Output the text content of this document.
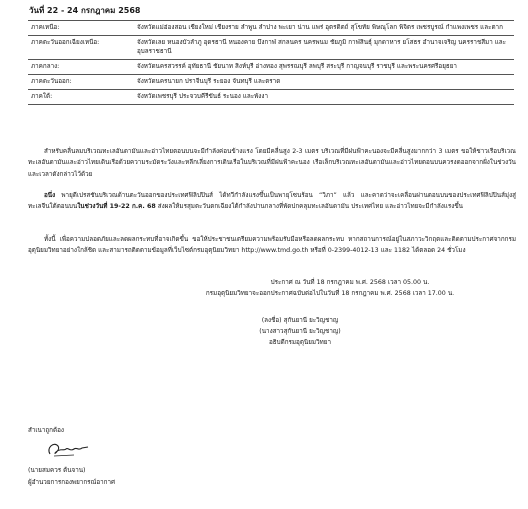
วันที่ 22 - 24 กรกฎาคม 2568
ภาคเหนือ:	จังหวัดแม่ฮ่องสอน เชียงใหม่ เชียงราย ลำพูน ลำปาง พะเยา น่าน แพร่ อุตรดิตถ์ สุโขทัย พิษณุโลก พิจิตร เพชรบูรณ์ กำแพงเพชร และตาก
ภาคตะวันออกเฉียงเหนือ:	จังหวัดเลย หนองบัวลำภู อุดรธานี หนองคาย บึงกาฬ สกลนคร นครพนม ชัยภูมิ กาฬสินธุ์ มุกดาหาร ยโสธร อำนาจเจริญ นครราชสีมา และอุบลราชธานี
ภาคกลาง:	จังหวัดนครสวรรค์ อุทัยธานี ชัยนาท สิงห์บุรี อ่างทอง สุพรรณบุรี ลพบุรี สระบุรี กาญจนบุรี ราชบุรี และพระนครศรีอยุธยา
ภาคตะวันออก:	จังหวัดนครนายก ปราจีนบุรี ระยอง จันทบุรี และตราด
ภาคใต้:	จังหวัดเพชรบุรี ประจวบคีรีขันธ์ ระนอง และพังงา
สำหรับคลื่นลมบริเวณทะเลอันดามันและอ่าวไทยตอนบนจะมีกำลังค่อนข้างแรง โดยมีคลื่นสูง 2-3 เมตร บริเวณที่มีฝนฟ้าคะนองจะมีคลื่นสูงมากกว่า 3 เมตร ขอให้ชาวเรือบริเวณทะเลอันดามันและอ่าวไทยเดินเรือด้วยความระมัดระวังและหลีกเลี่ยงการเดินเรือในบริเวณที่มีฝนฟ้าคะนอง เรือเล็กบริเวณทะเลอันดามันและอ่าวไทยตอนบนควรงดออกจากฝั่งในช่วงวันและเวลาดังกล่าวไว้ด้วย
อนึ่ง พายุดีเปรสชันบริเวณด้านตะวันออกของประเทศฟิลิปปินส์ ได้ทวีกำลังแรงขึ้นเป็นพายุโซนร้อน “วิภา” แล้ว และคาดว่าจะเคลื่อนผ่านตอนบนของประเทศฟิลิปปินส์มุ่งสู่ทะเลจีนใต้ตอนบนในช่วงวันที่ 19-22 ก.ค. 68 ส่งผลให้มรสุมตะวันตกเฉียงใต้กำลังปานกลางที่พัดปกคลุมทะเลอันดามัน ประเทศไทย และอ่าวไทยจะมีกำลังแรงขึ้น
ทั้งนี้ เพื่อความปลอดภัยและลดผลกระทบที่อาจเกิดขึ้น ขอให้ประชาชนเตรียมความพร้อมรับมือหรือลดผลกระทบ หากสถานการณ์อยู่ในสภาวะวิกฤตและติดตามประกาศจากกรมอุตุนิยมวิทยาอย่างใกล้ชิด และสามารถติดตามข้อมูลที่เว็บไซต์กรมอุตุนิยมวิทยา http://www.tmd.go.th หรือที่ 0-2399-4012-13 และ 1182 ได้ตลอด 24 ชั่วโมง
ประกาศ ณ วันที่ 18 กรกฎาคม พ.ศ. 2568 เวลา 05.00 น.
กรมอุตุนิยมวิทยาจะออกประกาศฉบับต่อไปในวันที่ 18 กรกฎาคม พ.ศ. 2568 เวลา 17.00 น.
(ลงชื่อ) สุกันยานี ยะวิญชาญ
(นางสาวสุกันยานี ยะวิญชาญ)
อธิบดีกรมอุตุนิยมวิทยา
สำเนาถูกต้อง
(นายสมควร ต้นจาน)
ผู้อำนวยการกองพยากรณ์อากาศ
